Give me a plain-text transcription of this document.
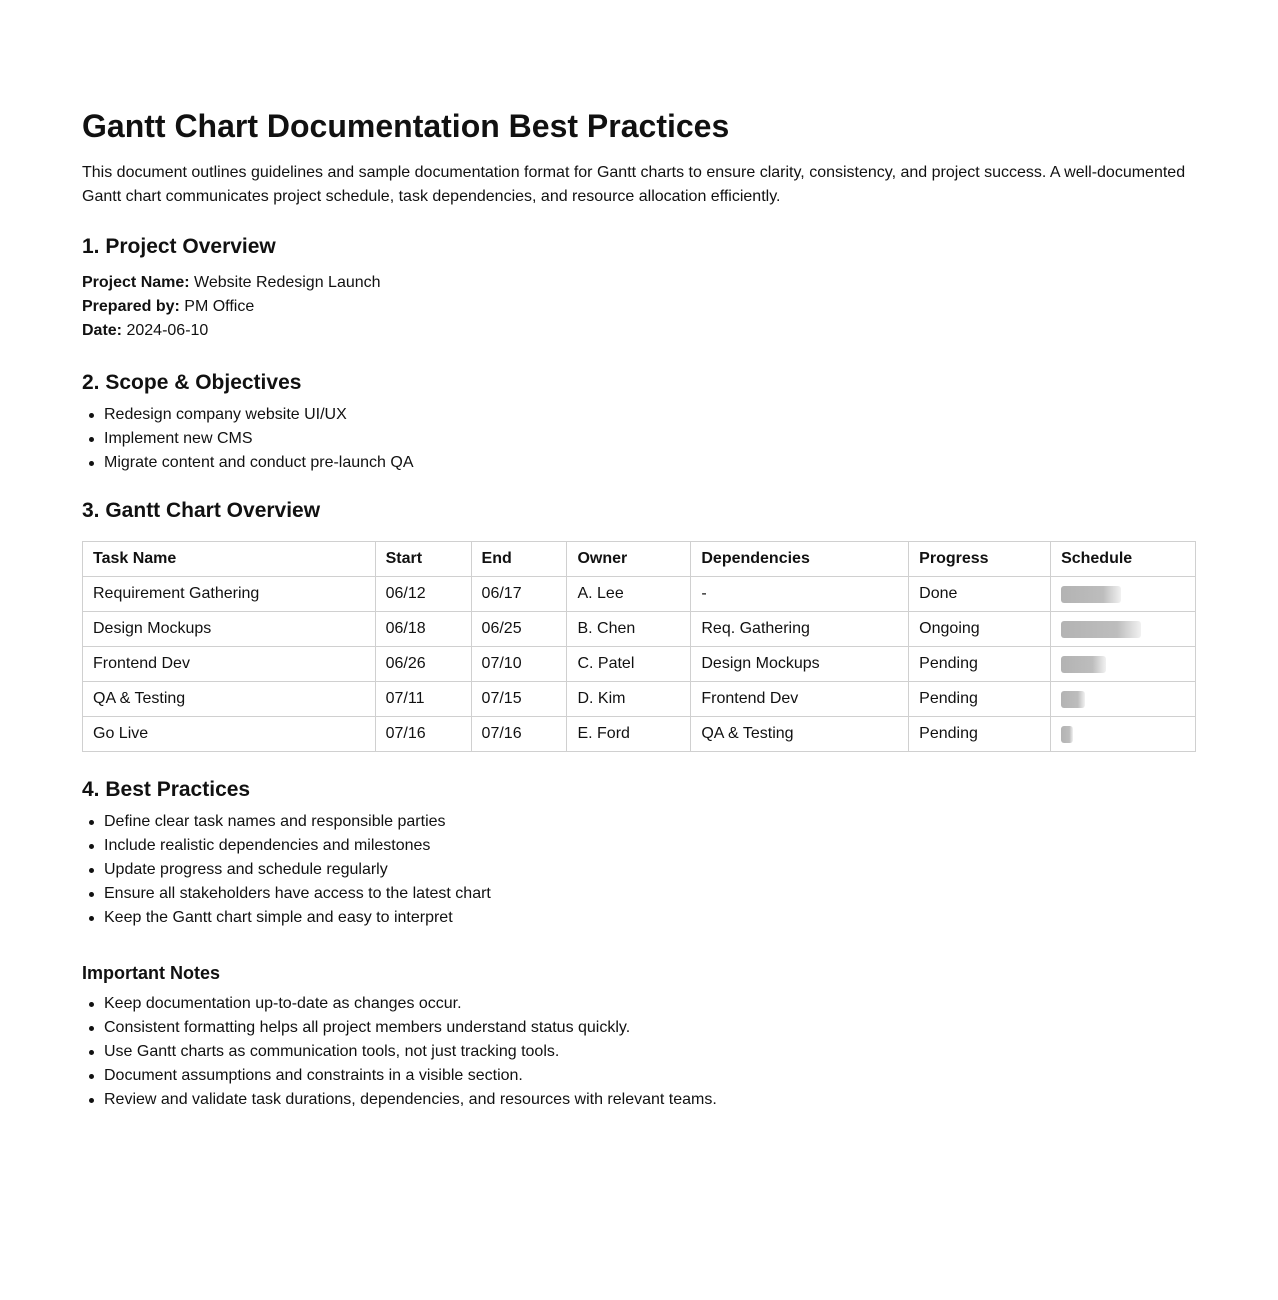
Gantt Chart Documentation Best Practices

This document outlines guidelines and sample documentation format for Gantt charts to ensure clarity, consistency, and project success. A well-documented Gantt chart communicates project schedule, task dependencies, and resource allocation efficiently.

1. Project Overview
Project Name: Website Redesign Launch
Prepared by: PM Office
Date: 2024-06-10
2. Scope & Objectives
Redesign company website UI/UX
Implement new CMS
Migrate content and conduct pre-launch QA
3. Gantt Chart Overview
Task Name	Start	End	Owner	Dependencies	Progress	Schedule
Requirement Gathering	06/12	06/17	A. Lee	-	Done	

Design Mockups	06/18	06/25	B. Chen	Req. Gathering	Ongoing	

Frontend Dev	06/26	07/10	C. Patel	Design Mockups	Pending	

QA & Testing	07/11	07/15	D. Kim	Frontend Dev	Pending	

Go Live	07/16	07/16	E. Ford	QA & Testing	Pending	
4. Best Practices
Define clear task names and responsible parties
Include realistic dependencies and milestones
Update progress and schedule regularly
Ensure all stakeholders have access to the latest chart
Keep the Gantt chart simple and easy to interpret
Important Notes
Keep documentation up-to-date as changes occur.
Consistent formatting helps all project members understand status quickly.
Use Gantt charts as communication tools, not just tracking tools.
Document assumptions and constraints in a visible section.
Review and validate task durations, dependencies, and resources with relevant teams.
